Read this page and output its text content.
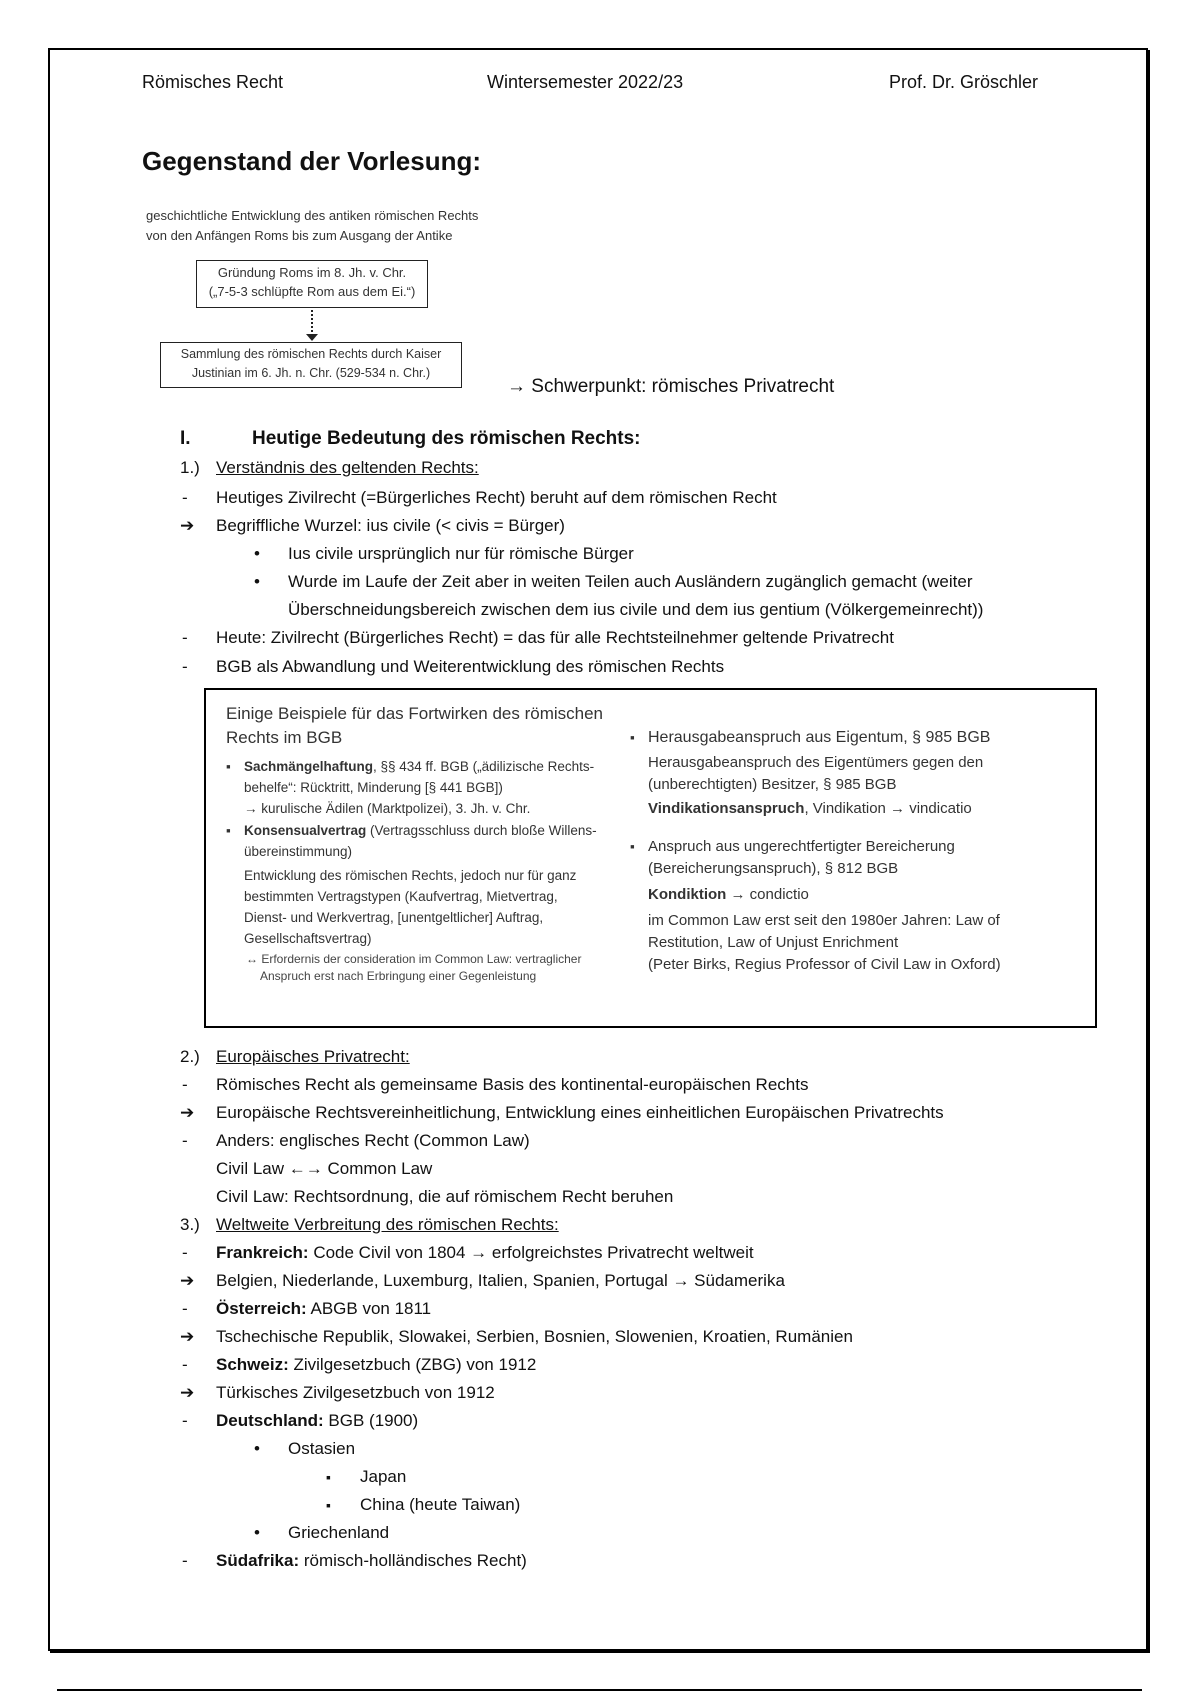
Römisches Recht	Wintersemester 2022/23	Prof. Dr. Gröschler
Gegenstand der Vorlesung:
geschichtliche Entwicklung des antiken römischen Rechts
von den Anfängen Roms bis zum Ausgang der Antike
Gründung Roms im 8. Jh. v. Chr.
(„7-5-3 schlüpfte Rom aus dem Ei.“)
Sammlung des römischen Rechts durch Kaiser
Justinian im 6. Jh. n. Chr. (529-534 n. Chr.)
→ Schwerpunkt: römisches Privatrecht
I.	Heutige Bedeutung des römischen Rechts:
1.) Verständnis des geltenden Rechts:
- Heutiges Zivilrecht (=Bürgerliches Recht) beruht auf dem römischen Recht
➔ Begriffliche Wurzel: ius civile (< civis = Bürger)
• Ius civile ursprünglich nur für römische Bürger
• Wurde im Laufe der Zeit aber in weiten Teilen auch Ausländern zugänglich gemacht (weiter
Überschneidungsbereich zwischen dem ius civile und dem ius gentium (Völkergemeinrecht))
- Heute: Zivilrecht (Bürgerliches Recht) = das für alle Rechtsteilnehmer geltende Privatrecht
- BGB als Abwandlung und Weiterentwicklung des römischen Rechts
Einige Beispiele für das Fortwirken des römischen
Rechts im BGB
▪ Sachmängelhaftung, §§ 434 ff. BGB („ädilizische Rechts-
behelfe“: Rücktritt, Minderung [§ 441 BGB])
→ kurulische Ädilen (Marktpolizei), 3. Jh. v. Chr.
▪ Konsensualvertrag (Vertragsschluss durch bloße Willens-
übereinstimmung)
Entwicklung des römischen Rechts, jedoch nur für ganz
bestimmten Vertragstypen (Kaufvertrag, Mietvertrag,
Dienst- und Werkvertrag, [unentgeltlicher] Auftrag,
Gesellschaftsvertrag)
↔ Erfordernis der consideration im Common Law: vertraglicher
Anspruch erst nach Erbringung einer Gegenleistung
▪ Herausgabeanspruch aus Eigentum, § 985 BGB
Herausgabeanspruch des Eigentümers gegen den
(unberechtigten) Besitzer, § 985 BGB
Vindikationsanspruch, Vindikation → vindicatio
▪ Anspruch aus ungerechtfertigter Bereicherung
(Bereicherungsanspruch), § 812 BGB
Kondiktion → condictio
im Common Law erst seit den 1980er Jahren: Law of
Restitution, Law of Unjust Enrichment
(Peter Birks, Regius Professor of Civil Law in Oxford)
2.) Europäisches Privatrecht:
- Römisches Recht als gemeinsame Basis des kontinental-europäischen Rechts
➔ Europäische Rechtsvereinheitlichung, Entwicklung eines einheitlichen Europäischen Privatrechts
- Anders: englisches Recht (Common Law)
Civil Law ←→ Common Law
Civil Law: Rechtsordnung, die auf römischem Recht beruhen
3.) Weltweite Verbreitung des römischen Rechts:
- Frankreich: Code Civil von 1804 → erfolgreichstes Privatrecht weltweit
➔ Belgien, Niederlande, Luxemburg, Italien, Spanien, Portugal → Südamerika
- Österreich: ABGB von 1811
➔ Tschechische Republik, Slowakei, Serbien, Bosnien, Slowenien, Kroatien, Rumänien
- Schweiz: Zivilgesetzbuch (ZBG) von 1912
➔ Türkisches Zivilgesetzbuch von 1912
- Deutschland: BGB (1900)
• Ostasien
▪ Japan
▪ China (heute Taiwan)
• Griechenland
- Südafrika: römisch-holländisches Recht)
